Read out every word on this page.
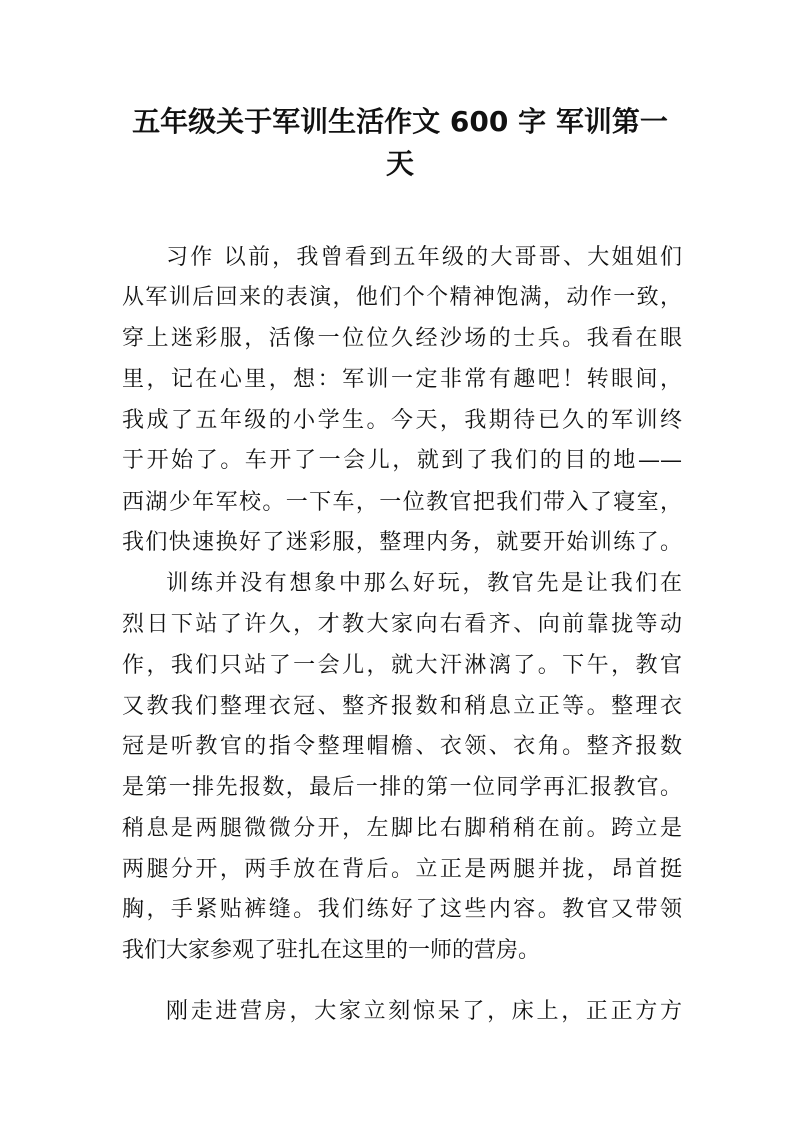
五年级关于军训生活作文 600 字 军训第一
天

习作 以前，我曾看到五年级的大哥哥、大姐姐们

从军训后回来的表演，他们个个精神饱满，动作一致，

穿上迷彩服，活像一位位久经沙场的士兵。我看在眼

里，记在心里，想：军训一定非常有趣吧！转眼间，

我成了五年级的小学生。今天，我期待已久的军训终

于开始了。车开了一会儿，就到了我们的目的地——

西湖少年军校。一下车，一位教官把我们带入了寝室，

我们快速换好了迷彩服，整理内务，就要开始训练了。

训练并没有想象中那么好玩，教官先是让我们在

烈日下站了许久，才教大家向右看齐、向前靠拢等动

作，我们只站了一会儿，就大汗淋漓了。下午，教官

又教我们整理衣冠、整齐报数和稍息立正等。整理衣

冠是听教官的指令整理帽檐、衣领、衣角。整齐报数

是第一排先报数，最后一排的第一位同学再汇报教官。

稍息是两腿微微分开，左脚比右脚稍稍在前。跨立是

两腿分开，两手放在背后。立正是两腿并拢，昂首挺

胸，手紧贴裤缝。我们练好了这些内容。教官又带领

我们大家参观了驻扎在这里的一师的营房。

刚走进营房，大家立刻惊呆了，床上，正正方方
